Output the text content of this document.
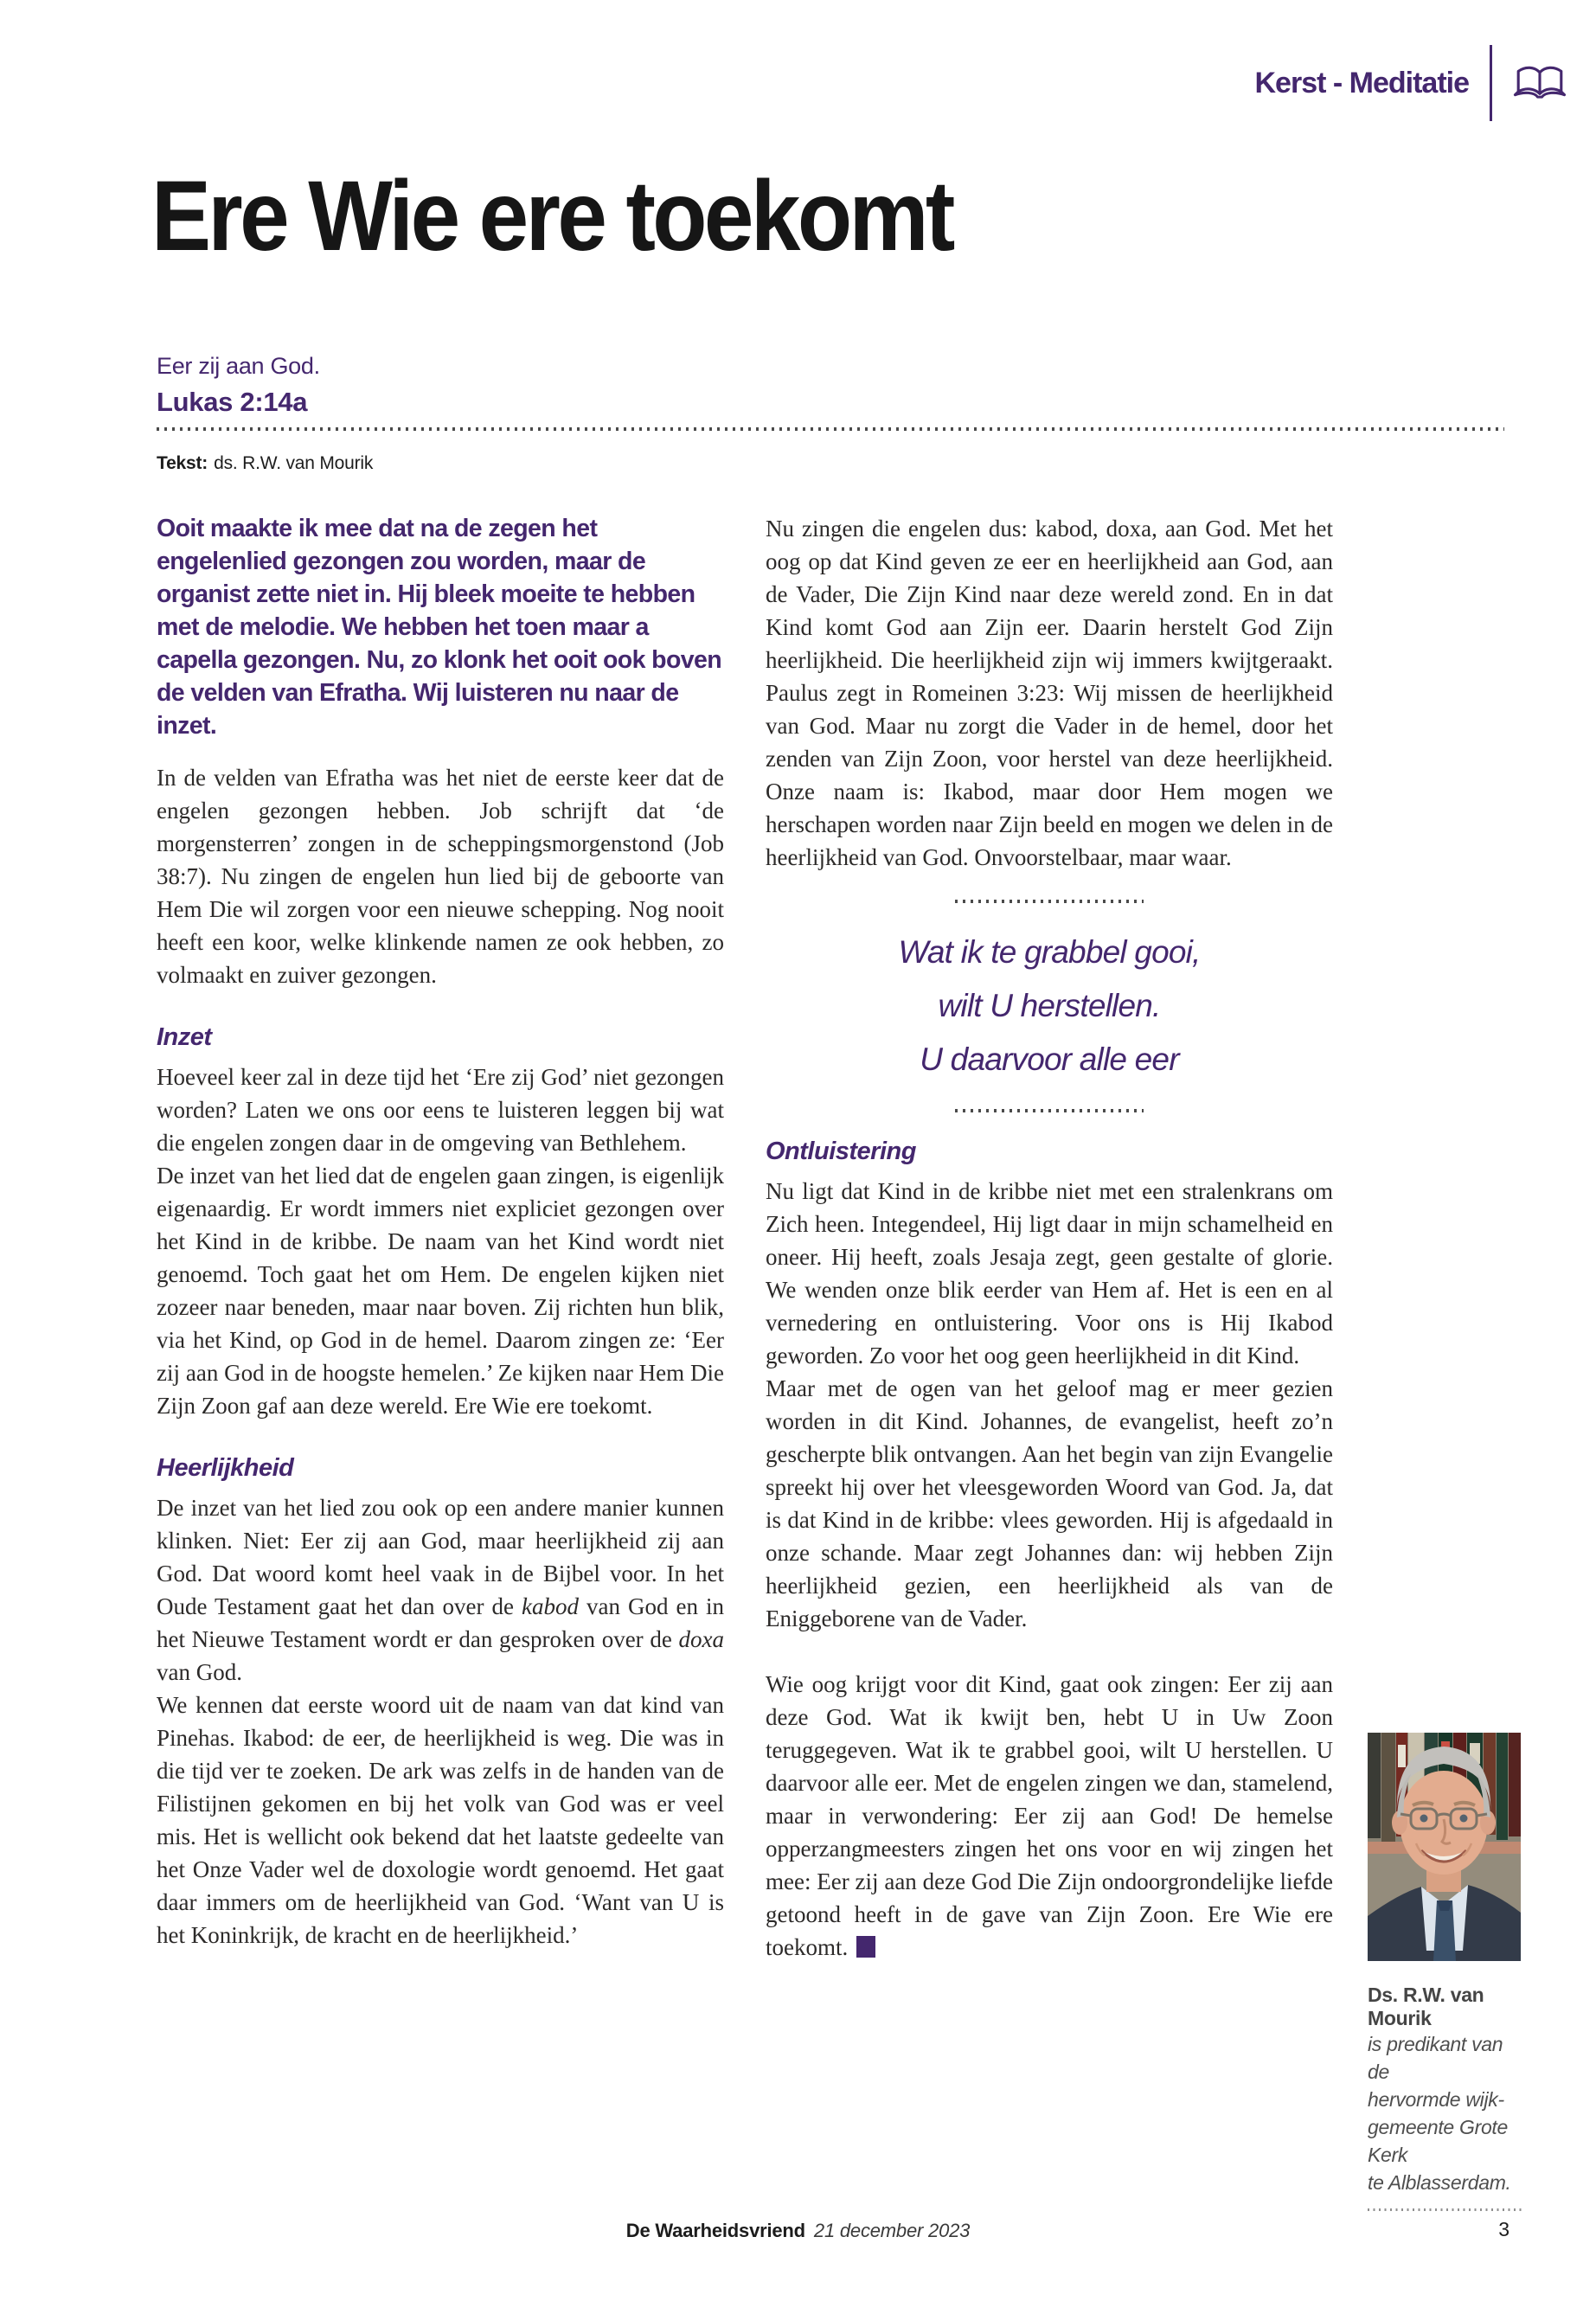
Kerst - Meditatie
Ere Wie ere toekomt
Eer zij aan God.
Lukas 2:14a
Tekst: ds. R.W. van Mourik

Ooit maakte ik mee dat na de zegen het engelenlied gezongen zou worden, maar de organist zette niet in. Hij bleek moeite te hebben met de melodie. We hebben het toen maar a capella gezongen. Nu, zo klonk het ooit ook boven de velden van Efratha. Wij luisteren nu naar de inzet.

In de velden van Efratha was het niet de eerste keer dat de engelen gezongen hebben. Job schrijft dat ‘de morgensterren’ zongen in de scheppingsmorgenstond (Job 38:7). Nu zingen de engelen hun lied bij de geboorte van Hem Die wil zorgen voor een nieuwe schepping. Nog nooit heeft een koor, welke klinkende namen ze ook hebben, zo volmaakt en zuiver gezongen.

Inzet

Hoeveel keer zal in deze tijd het ‘Ere zij God’ niet gezongen worden? Laten we ons oor eens te luisteren leggen bij wat die engelen zongen daar in de omgeving van Bethlehem.

De inzet van het lied dat de engelen gaan zingen, is eigenlijk eigenaardig. Er wordt immers niet expliciet gezongen over het Kind in de kribbe. De naam van het Kind wordt niet genoemd. Toch gaat het om Hem. De engelen kijken niet zozeer naar beneden, maar naar boven. Zij richten hun blik, via het Kind, op God in de hemel. Daarom zingen ze: ‘Eer zij aan God in de hoogste hemelen.’ Ze kijken naar Hem Die Zijn Zoon gaf aan deze wereld. Ere Wie ere toekomt.

Heerlijkheid

De inzet van het lied zou ook op een andere manier kunnen klinken. Niet: Eer zij aan God, maar heerlijkheid zij aan God. Dat woord komt heel vaak in de Bijbel voor. In het Oude Testament gaat het dan over de kabod van God en in het Nieuwe Testament wordt er dan gesproken over de doxa van God.

We kennen dat eerste woord uit de naam van dat kind van Pinehas. Ikabod: de eer, de heerlijkheid is weg. Die was in die tijd ver te zoeken. De ark was zelfs in de handen van de Filistijnen gekomen en bij het volk van God was er veel mis. Het is wellicht ook bekend dat het laatste gedeelte van het Onze Vader wel de doxologie wordt genoemd. Het gaat daar immers om de heerlijkheid van God. ‘Want van U is het Koninkrijk, de kracht en de heerlijkheid.’

Nu zingen die engelen dus: kabod, doxa, aan God. Met het oog op dat Kind geven ze eer en heerlijkheid aan God, aan de Vader, Die Zijn Kind naar deze wereld zond. En in dat Kind komt God aan Zijn eer. Daarin herstelt God Zijn heerlijkheid. Die heerlijkheid zijn wij immers kwijtgeraakt. Paulus zegt in Romeinen 3:23: Wij missen de heerlijkheid van God. Maar nu zorgt die Vader in de hemel, door het zenden van Zijn Zoon, voor herstel van deze heerlijkheid. Onze naam is: Ikabod, maar door Hem mogen we herschapen worden naar Zijn beeld en mogen we delen in de heerlijkheid van God. Onvoorstelbaar, maar waar.

Wat ik te grabbel gooi,
wilt U herstellen.
U daarvoor alle eer
Ontluistering

Nu ligt dat Kind in de kribbe niet met een stralenkrans om Zich heen. Integendeel, Hij ligt daar in mijn schamelheid en oneer. Hij heeft, zoals Jesaja zegt, geen gestalte of glorie. We wenden onze blik eerder van Hem af. Het is een en al vernedering en ontluistering. Voor ons is Hij Ikabod geworden. Zo voor het oog geen heerlijkheid in dit Kind.

Maar met de ogen van het geloof mag er meer gezien worden in dit Kind. Johannes, de evangelist, heeft zo’n gescherpte blik ontvangen. Aan het begin van zijn Evangelie spreekt hij over het vleesgeworden Woord van God. Ja, dat is dat Kind in de kribbe: vlees geworden. Hij is afgedaald in onze schande. Maar zegt Johannes dan: wij hebben Zijn heerlijkheid gezien, een heerlijkheid als van de Eniggeborene van de Vader.

Wie oog krijgt voor dit Kind, gaat ook zingen: Eer zij aan deze God. Wat ik kwijt ben, hebt U in Uw Zoon teruggegeven. Wat ik te grabbel gooi, wilt U herstellen. U daarvoor alle eer. Met de engelen zingen we dan, stamelend, maar in verwondering: Eer zij aan God! De hemelse opperzangmeesters zingen het ons voor en wij zingen het mee: Eer zij aan deze God Die Zijn ondoorgrondelijke liefde getoond heeft in de gave van Zijn Zoon. Ere Wie ere toekomt.

Ds. R.W. van Mourik
is predikant van de
hervormde wijk-
gemeente Grote Kerk
te Alblasserdam.
De Waarheidsvriend 21 december 2023	3
